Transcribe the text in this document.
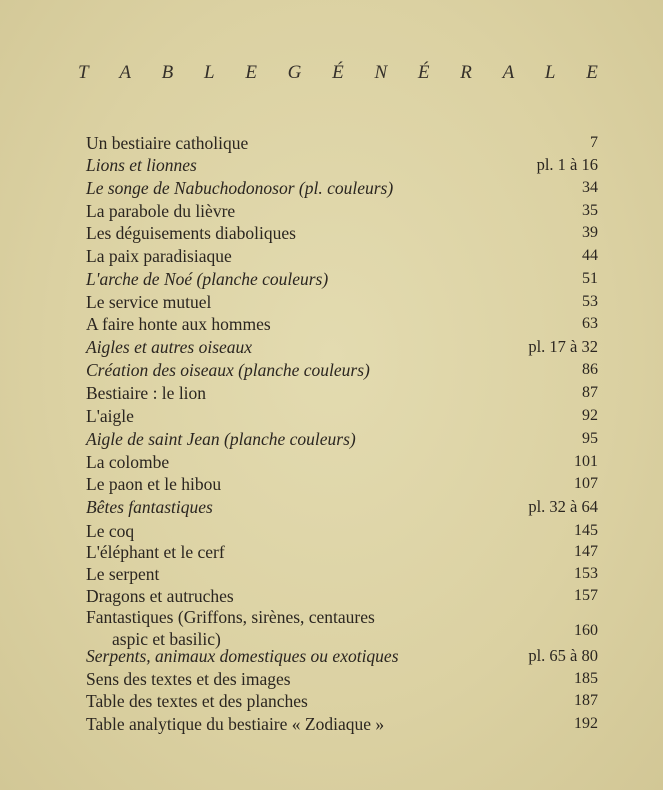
T A B L E G É N É R A L E
Un bestiaire catholique	7
Lions et lionnes	pl. 1 à 16
Le songe de Nabuchodonosor (pl. couleurs)	34
La parabole du lièvre	35
Les déguisements diaboliques	39
La paix paradisiaque	44
L'arche de Noé (planche couleurs)	51
Le service mutuel	53
A faire honte aux hommes	63
Aigles et autres oiseaux	pl. 17 à 32
Création des oiseaux (planche couleurs)	86
Bestiaire : le lion	87
L'aigle	92
Aigle de saint Jean (planche couleurs)	95
La colombe	101
Le paon et le hibou	107
Bêtes fantastiques	pl. 32 à 64
Le coq	145
L'éléphant et le cerf	147
Le serpent	153
Dragons et autruches	157
Fantastiques (Griffons, sirènes, centaures
aspic et basilic)	160
Serpents, animaux domestiques ou exotiques	pl. 65 à 80
Sens des textes et des images	185
Table des textes et des planches	187
Table analytique du bestiaire « Zodiaque »	192
